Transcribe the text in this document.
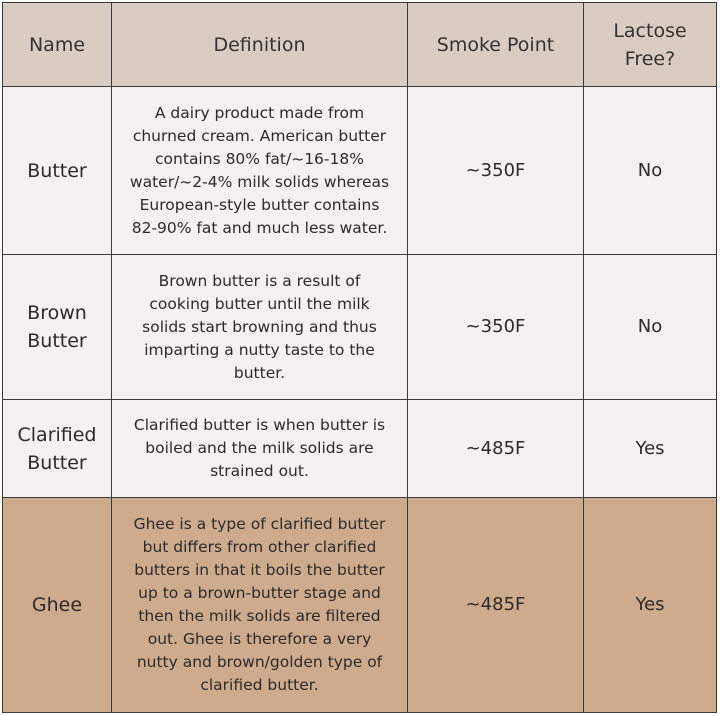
Name	Definition	Smoke Point	Lactose Free?
Butter	A dairy product made from churned cream. American butter contains 80% fat/~16-18% water/~2-4% milk solids whereas European-style butter contains 82-90% fat and much less water.	~350F	No
Brown Butter	Brown butter is a result of cooking butter until the milk solids start browning and thus imparting a nutty taste to the butter.	~350F	No
Clarified Butter	Clarified butter is when butter is boiled and the milk solids are strained out.	~485F	Yes
Ghee	Ghee is a type of clarified butter but differs from other clarified butters in that it boils the butter up to a brown-butter stage and then the milk solids are filtered out. Ghee is therefore a very nutty and brown/golden type of clarified butter.	~485F	Yes
